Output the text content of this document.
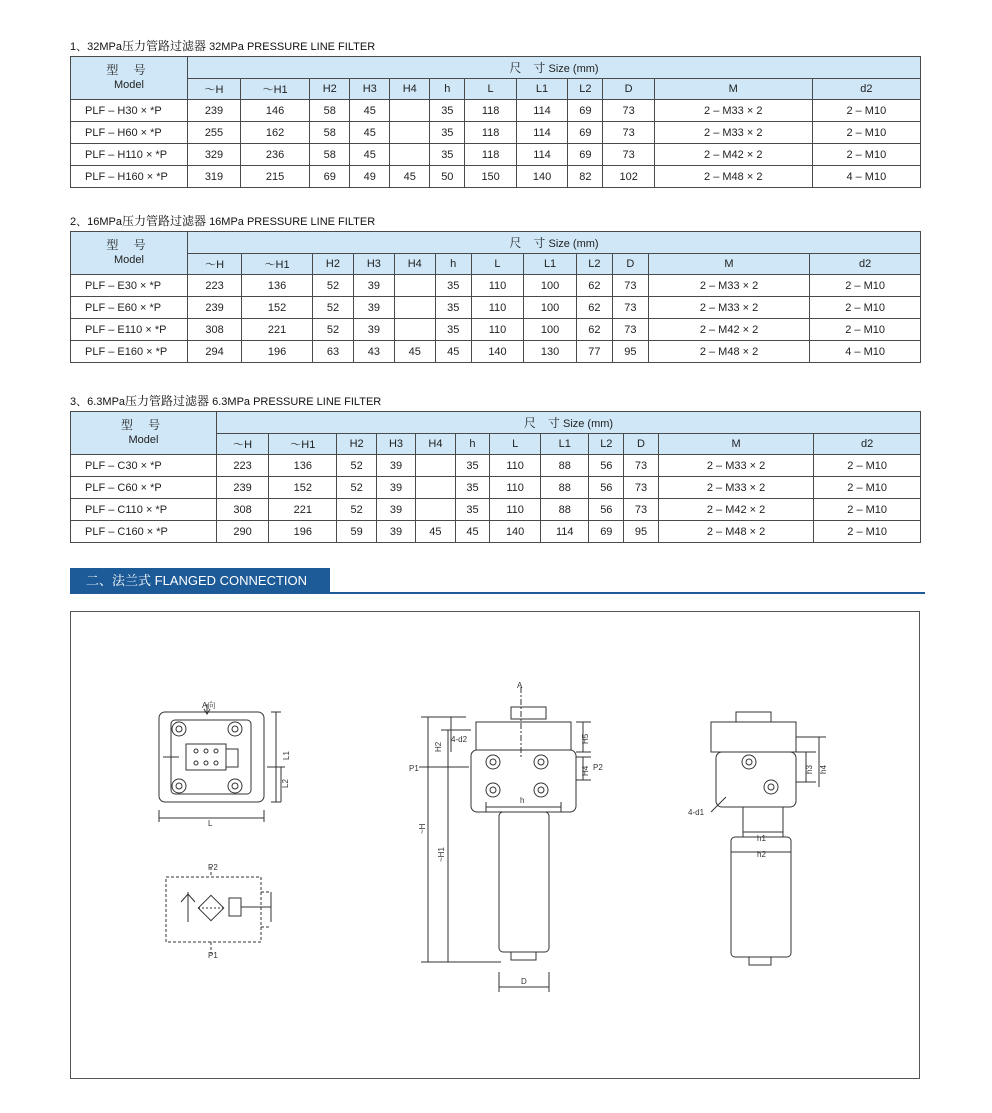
1、32MPa压力管路过滤器 32MPa PRESSURE LINE FILTER
型 号
Model	尺　寸 Size (mm)											
	～H	～H1	H2	H3	H4	h	L	L1	L2	D	M	d2
PLF – H30 × *P	239	146	58	45		35	118	114	69	73	2 – M33 × 2	2 – M10
PLF – H60 × *P	255	162	58	45		35	118	114	69	73	2 – M33 × 2	2 – M10
PLF – H110 × *P	329	236	58	45		35	118	114	69	73	2 – M42 × 2	2 – M10
PLF – H160 × *P	319	215	69	49	45	50	150	140	82	102	2 – M48 × 2	4 – M10
2、16MPa压力管路过滤器 16MPa PRESSURE LINE FILTER
型 号
Model	尺　寸 Size (mm)											
	～H	～H1	H2	H3	H4	h	L	L1	L2	D	M	d2
PLF – E30 × *P	223	136	52	39		35	110	100	62	73	2 – M33 × 2	2 – M10
PLF – E60 × *P	239	152	52	39		35	110	100	62	73	2 – M33 × 2	2 – M10
PLF – E110 × *P	308	221	52	39		35	110	100	62	73	2 – M42 × 2	2 – M10
PLF – E160 × *P	294	196	63	43	45	45	140	130	77	95	2 – M48 × 2	4 – M10
3、6.3MPa压力管路过滤器 6.3MPa PRESSURE LINE FILTER
型 号
Model	尺　寸 Size (mm)											
	～H	～H1	H2	H3	H4	h	L	L1	L2	D	M	d2
PLF – C30 × *P	223	136	52	39		35	110	88	56	73	2 – M33 × 2	2 – M10
PLF – C60 × *P	239	152	52	39		35	110	88	56	73	2 – M33 × 2	2 – M10
PLF – C110 × *P	308	221	52	39		35	110	88	56	73	2 – M42 × 2	2 – M10
PLF – C160 × *P	290	196	59	39	45	45	140	114	69	95	2 – M48 × 2	2 – M10
二、法兰式 FLANGED CONNECTION
A向
L
L1
L2
P2
P1
A
4-d2
H2
H5
H4
P1	P2
h
~H
~H1
D
h3 h4
4-d1
h1
h2
